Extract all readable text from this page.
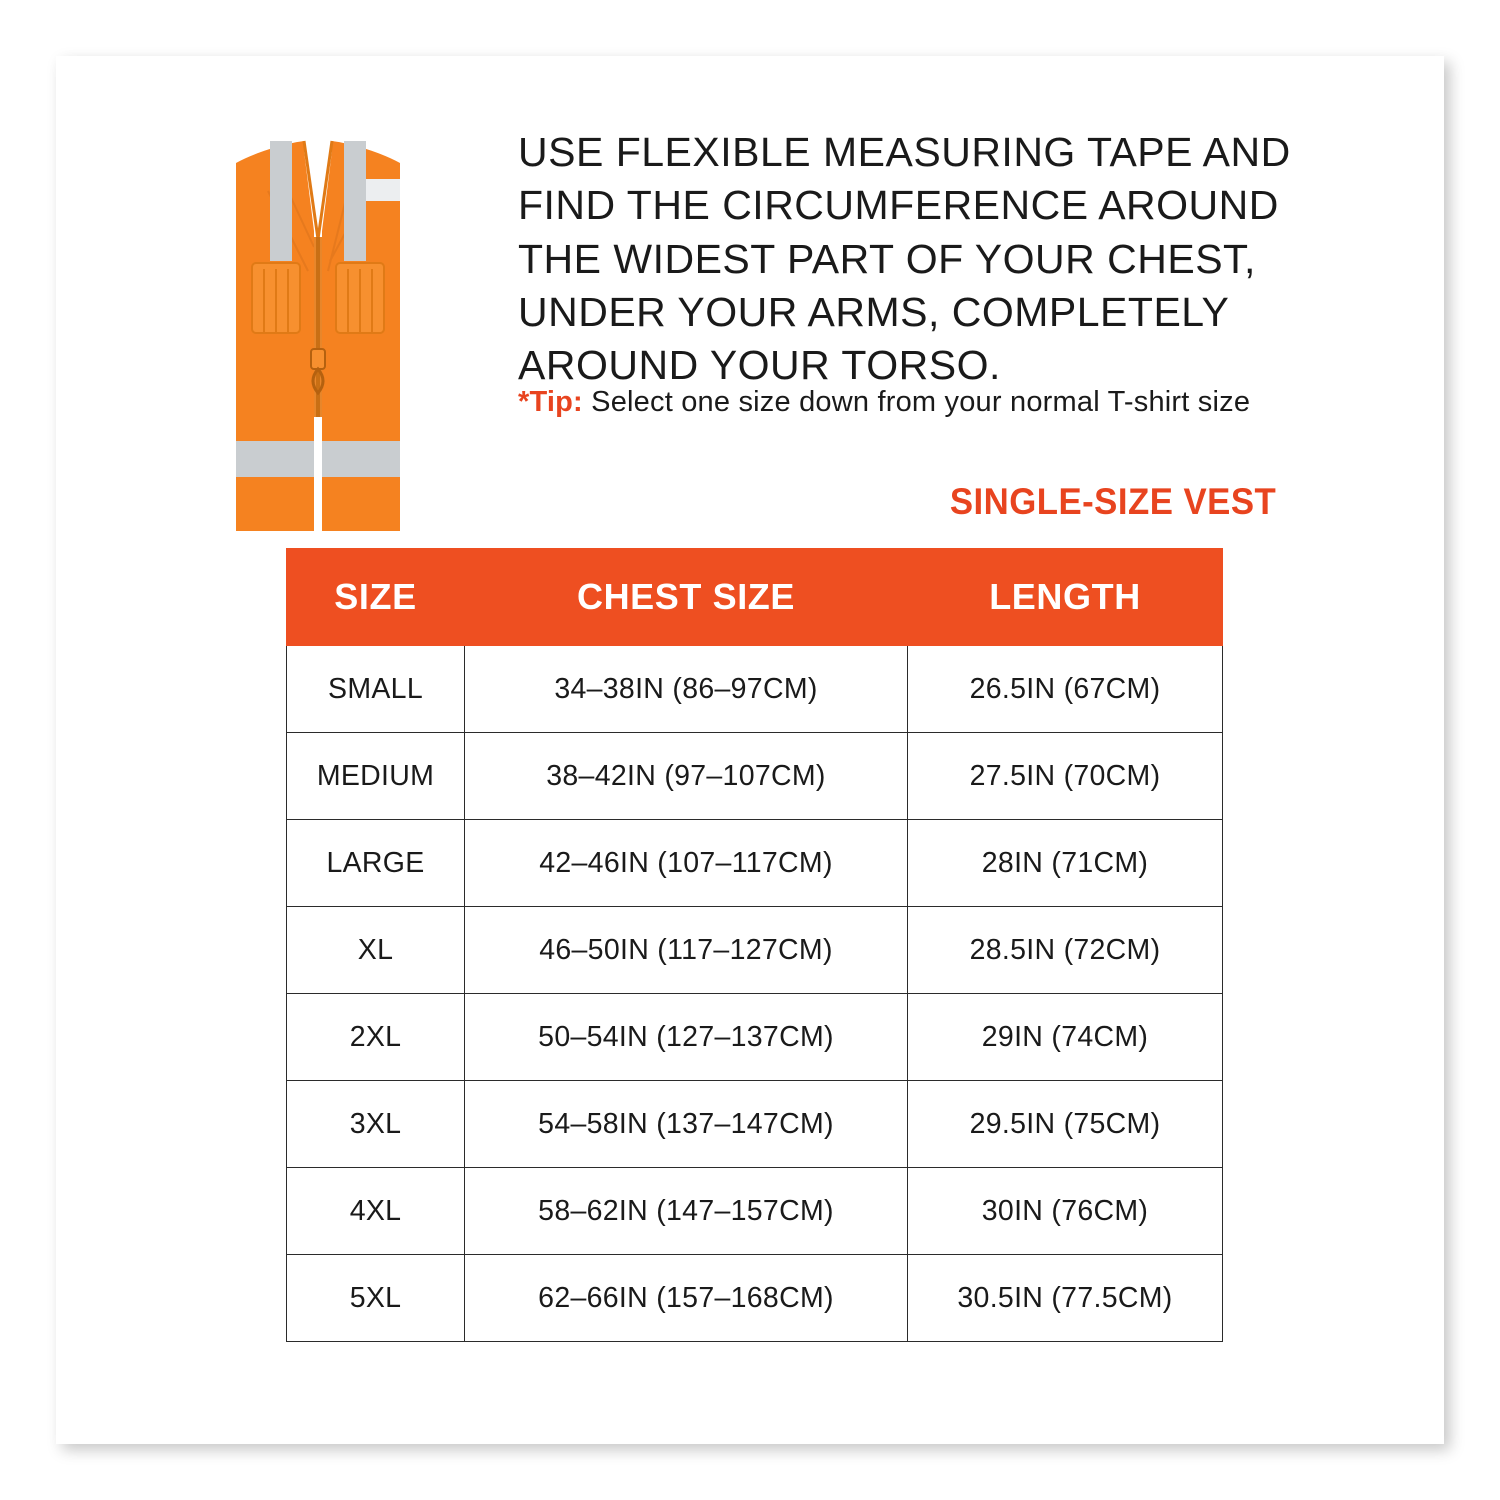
USE FLEXIBLE MEASURING TAPE AND FIND THE CIRCUMFERENCE AROUND THE WIDEST PART OF YOUR CHEST, UNDER YOUR ARMS, COMPLETELY AROUND YOUR TORSO.
*Tip: Select one size down from your normal T-shirt size
SINGLE-SIZE VEST
SIZE	CHEST SIZE	LENGTH
SMALL	34–38IN (86–97CM)	26.5IN (67CM)
MEDIUM	38–42IN (97–107CM)	27.5IN (70CM)
LARGE	42–46IN (107–117CM)	28IN (71CM)
XL	46–50IN (117–127CM)	28.5IN (72CM)
2XL	50–54IN (127–137CM)	29IN (74CM)
3XL	54–58IN (137–147CM)	29.5IN (75CM)
4XL	58–62IN (147–157CM)	30IN (76CM)
5XL	62–66IN (157–168CM)	30.5IN (77.5CM)
